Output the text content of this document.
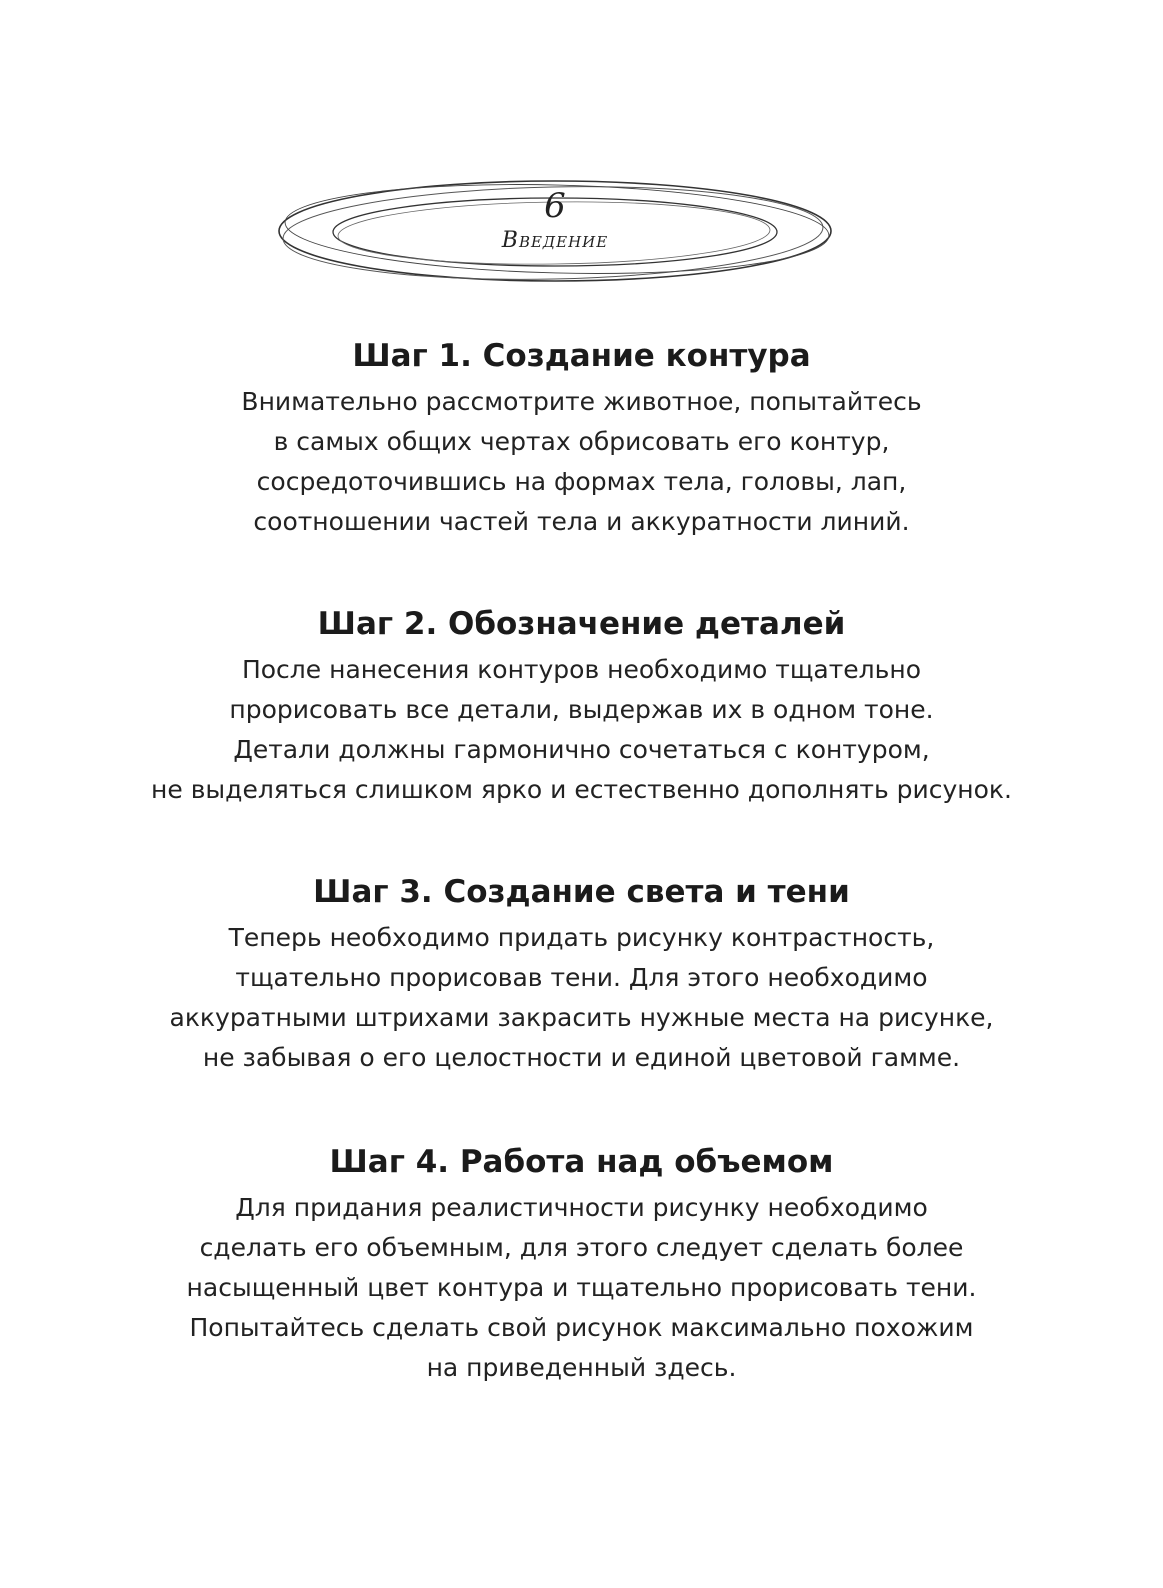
6
Введение
Шаг 1. Создание контура

Внимательно рассмотрите животное, попытайтесь
в самых общих чертах обрисовать его контур,
сосредоточившись на формах тела, головы, лап,
соотношении частей тела и аккуратности линий.

Шаг 2. Обозначение деталей

После нанесения контуров необходимо тщательно
прорисовать все детали, выдержав их в одном тоне.
Детали должны гармонично сочетаться с контуром,
не выделяться слишком ярко и естественно дополнять рисунок.

Шаг 3. Создание света и тени

Теперь необходимо придать рисунку контрастность,
тщательно прорисовав тени. Для этого необходимо
аккуратными штрихами закрасить нужные места на рисунке,
не забывая о его целостности и единой цветовой гамме.

Шаг 4. Работа над объемом

Для придания реалистичности рисунку необходимо
сделать его объемным, для этого следует сделать более
насыщенный цвет контура и тщательно прорисовать тени.
Попытайтесь сделать свой рисунок максимально похожим
на приведенный здесь.
